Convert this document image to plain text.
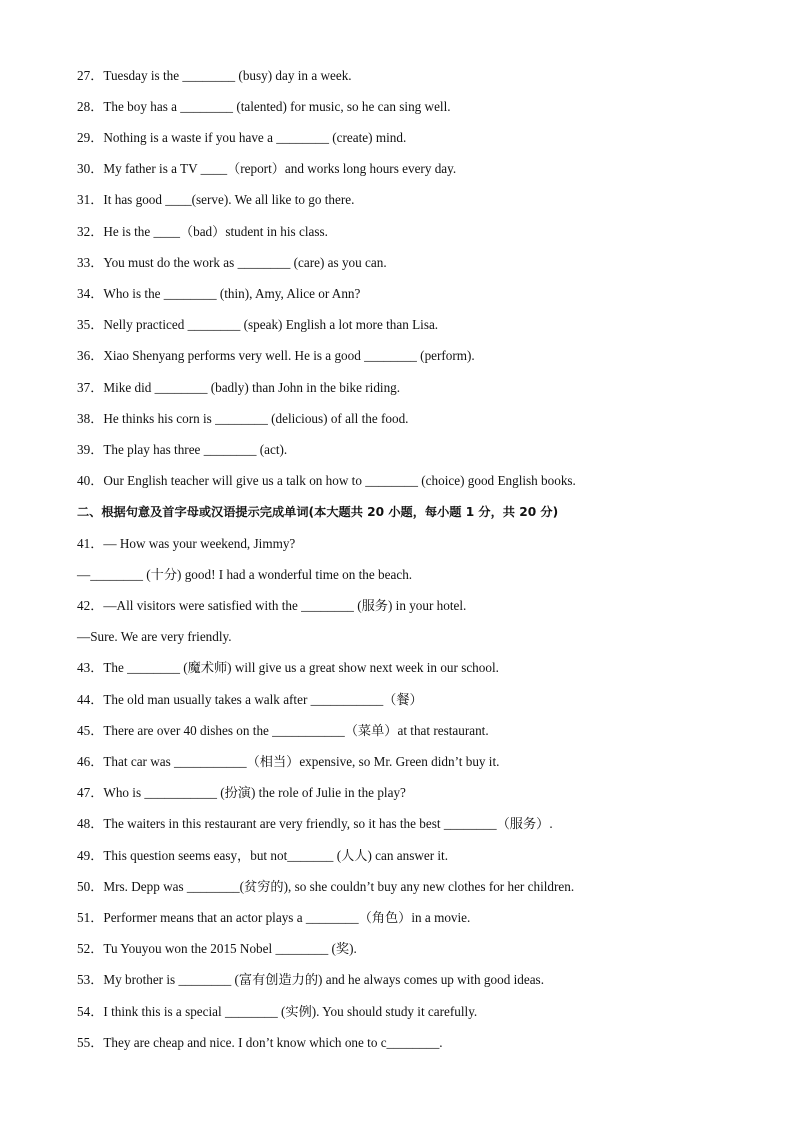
27．Tuesday is the ________ (busy) day in a week.
28．The boy has a ________ (talented) for music, so he can sing well.
29．Nothing is a waste if you have a ________ (create) mind.
30．My father is a TV ____（report）and works long hours every day.
31．It has good ____(serve). We all like to go there.
32．He is the ____（bad）student in his class.
33．You must do the work as ________ (care) as you can.
34．Who is the ________ (thin), Amy, Alice or Ann?
35．Nelly practiced ________ (speak) English a lot more than Lisa.
36．Xiao Shenyang performs very well. He is a good ________ (perform).
37．Mike did ________ (badly) than John in the bike riding.
38．He thinks his corn is ________ (delicious) of all the food.
39．The play has three ________ (act).
40．Our English teacher will give us a talk on how to ________ (choice) good English books.
二、根据句意及首字母或汉语提示完成单词(本大题共 20 小题，每小题 1 分，共 20 分)
41．— How was your weekend, Jimmy?
—________ (十分) good! I had a wonderful time on the beach.
42．—All visitors were satisfied with the ________ (服务) in your hotel.
—Sure. We are very friendly.
43．The ________ (魔术师) will give us a great show next week in our school.
44．The old man usually takes a walk after ___________（餐）
45．There are over 40 dishes on the ___________（菜单）at that restaurant.
46．That car was ___________（相当）expensive, so Mr. Green didn’t buy it.
47．Who is ___________ (扮演) the role of Julie in the play?
48．The waiters in this restaurant are very friendly, so it has the best ________（服务）.
49．This question seems easy，but not_______ (人人) can answer it.
50．Mrs. Depp was ________(贫穷的), so she couldn’t buy any new clothes for her children.
51．Performer means that an actor plays a ________（角色）in a movie.
52．Tu Youyou won the 2015 Nobel ________ (奖).
53．My brother is ________ (富有创造力的) and he always comes up with good ideas.
54．I think this is a special ________ (实例). You should study it carefully.
55．They are cheap and nice. I don’t know which one to c________.
